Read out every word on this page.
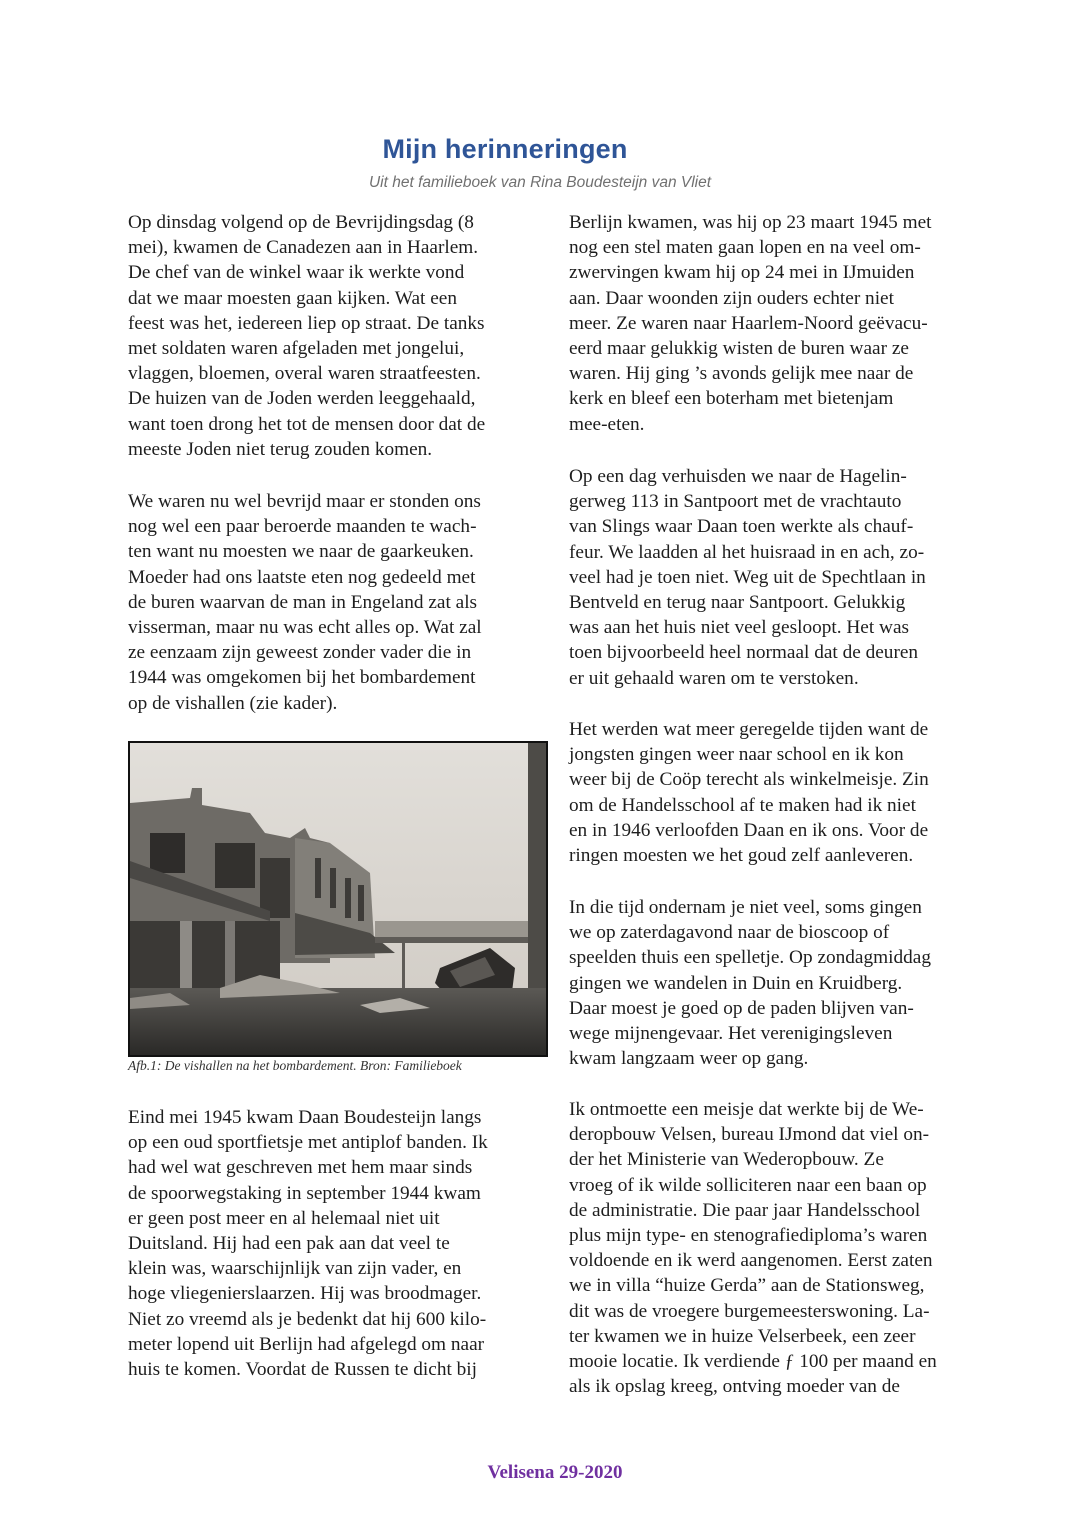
Mijn herinneringen

Uit het familieboek van Rina Boudesteijn van Vliet

Op dinsdag volgend op de Bevrijdingsdag (8
mei), kwamen de Canadezen aan in Haarlem.
De chef van de winkel waar ik werkte vond
dat we maar moesten gaan kijken. Wat een
feest was het, iedereen liep op straat. De tanks
met soldaten waren afgeladen met jongelui,
vlaggen, bloemen, overal waren straatfeesten.
De huizen van de Joden werden leeggehaald,
want toen drong het tot de mensen door dat de
meeste Joden niet terug zouden komen.

We waren nu wel bevrijd maar er stonden ons
nog wel een paar beroerde maanden te wach-
ten want nu moesten we naar de gaarkeuken.
Moeder had ons laatste eten nog gedeeld met
de buren waarvan de man in Engeland zat als
visserman, maar nu was echt alles op. Wat zal
ze eenzaam zijn geweest zonder vader die in
1944 was omgekomen bij het bombardement
op de vishallen (zie kader).

Afb.1: De vishallen na het bombardement. Bron: Familieboek

Eind mei 1945 kwam Daan Boudesteijn langs
op een oud sportfietsje met antiplof banden. Ik
had wel wat geschreven met hem maar sinds
de spoorwegstaking in september 1944 kwam
er geen post meer en al helemaal niet uit
Duitsland. Hij had een pak aan dat veel te
klein was, waarschijnlijk van zijn vader, en
hoge vliegenierslaarzen. Hij was broodmager.
Niet zo vreemd als je bedenkt dat hij 600 kilo-
meter lopend uit Berlijn had afgelegd om naar
huis te komen. Voordat de Russen te dicht bij

Berlijn kwamen, was hij op 23 maart 1945 met
nog een stel maten gaan lopen en na veel om-
zwervingen kwam hij op 24 mei in IJmuiden
aan. Daar woonden zijn ouders echter niet
meer. Ze waren naar Haarlem-Noord geëvacu-
eerd maar gelukkig wisten de buren waar ze
waren. Hij ging ’s avonds gelijk mee naar de
kerk en bleef een boterham met bietenjam
mee-eten.

Op een dag verhuisden we naar de Hagelin-
gerweg 113 in Santpoort met de vrachtauto
van Slings waar Daan toen werkte als chauf-
feur. We laadden al het huisraad in en ach, zo-
veel had je toen niet. Weg uit de Spechtlaan in
Bentveld en terug naar Santpoort. Gelukkig
was aan het huis niet veel gesloopt. Het was
toen bijvoorbeeld heel normaal dat de deuren
er uit gehaald waren om te verstoken.

Het werden wat meer geregelde tijden want de
jongsten gingen weer naar school en ik kon
weer bij de Coöp terecht als winkelmeisje. Zin
om de Handelsschool af te maken had ik niet
en in 1946 verloofden Daan en ik ons. Voor de
ringen moesten we het goud zelf aanleveren.

In die tijd ondernam je niet veel, soms gingen
we op zaterdagavond naar de bioscoop of
speelden thuis een spelletje. Op zondagmiddag
gingen we wandelen in Duin en Kruidberg.
Daar moest je goed op de paden blijven van-
wege mijnengevaar. Het verenigingsleven
kwam langzaam weer op gang.

Ik ontmoette een meisje dat werkte bij de We-
deropbouw Velsen, bureau IJmond dat viel on-
der het Ministerie van Wederopbouw. Ze
vroeg of ik wilde solliciteren naar een baan op
de administratie. Die paar jaar Handelsschool
plus mijn type- en stenografiediploma’s waren
voldoende en ik werd aangenomen. Eerst zaten
we in villa “huize Gerda” aan de Stationsweg,
dit was de vroegere burgemeesterswoning. La-
ter kwamen we in huize Velserbeek, een zeer
mooie locatie. Ik verdiende ƒ 100 per maand en
als ik opslag kreeg, ontving moeder van de

Velisena 29-2020
